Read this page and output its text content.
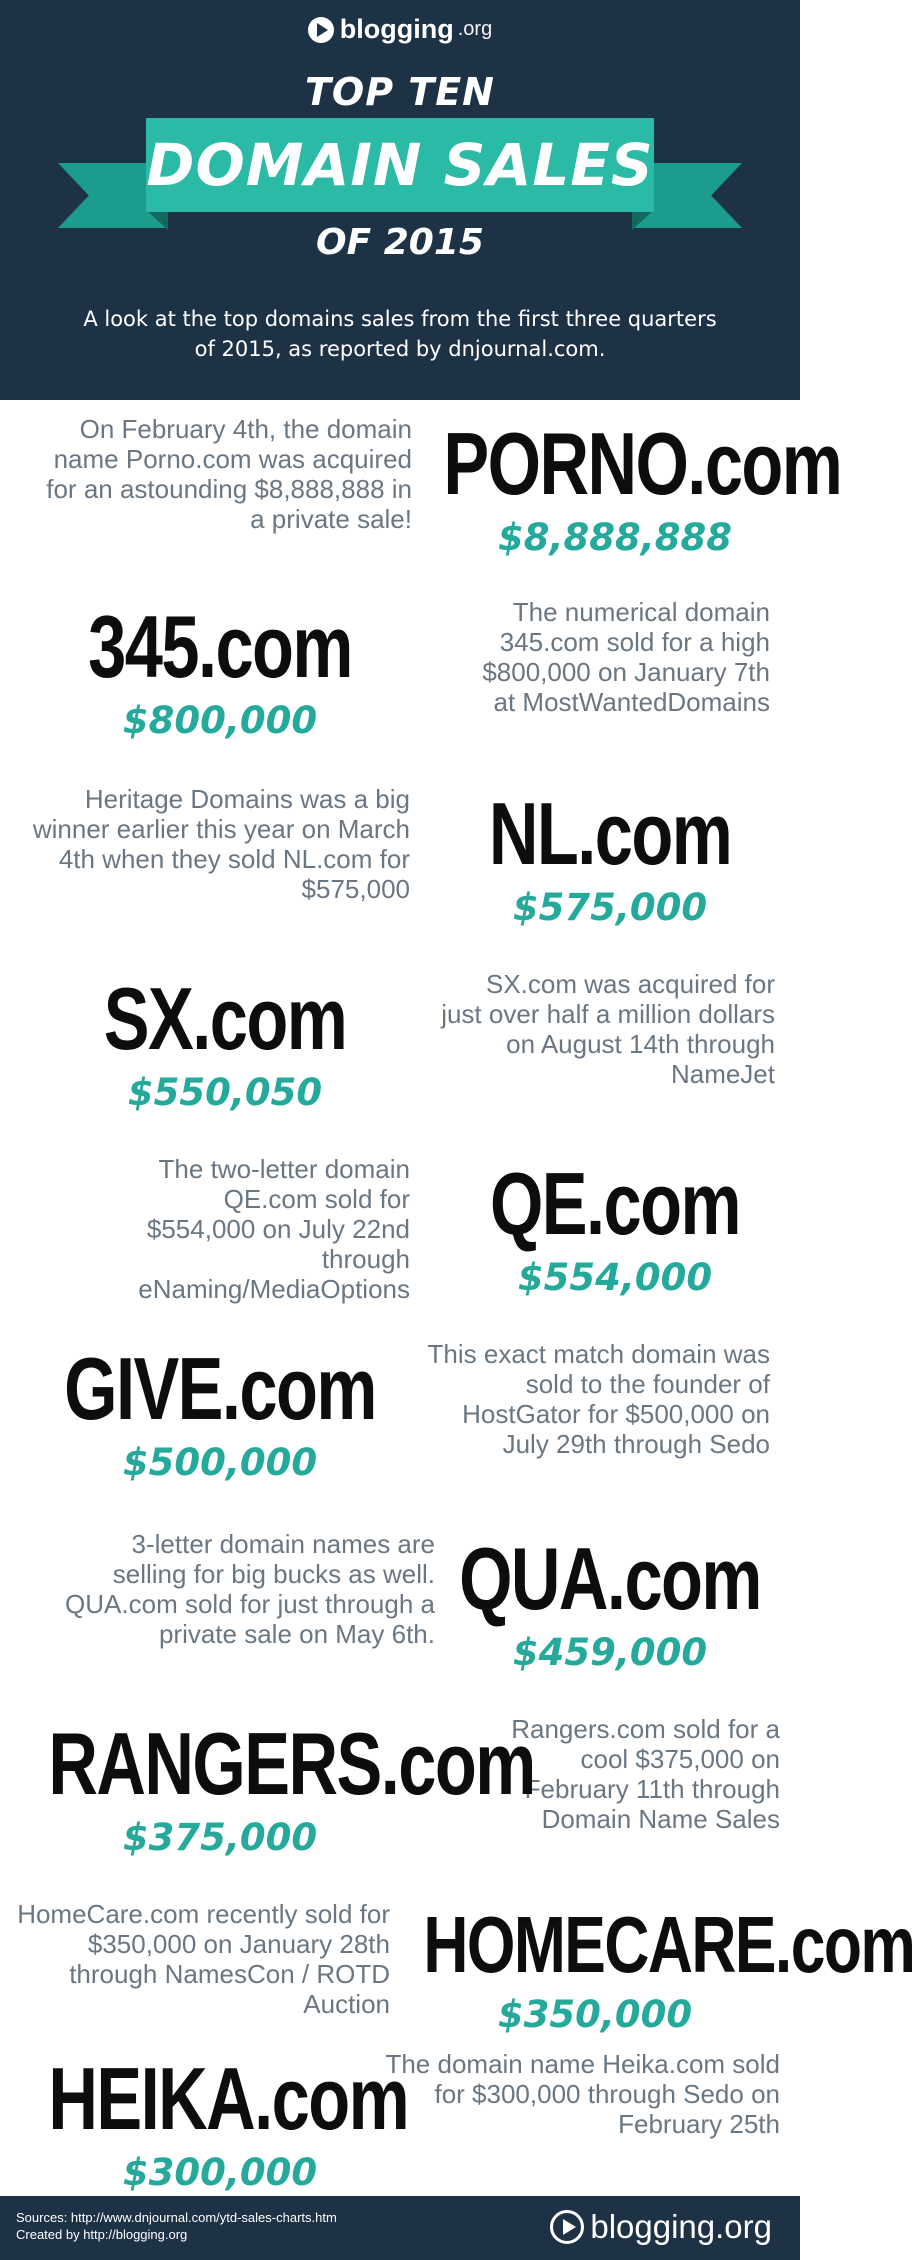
blogging .org
TOP TEN
DOMAIN SALES
OF 2015
A look at the top domains sales from the first three quarters of 2015, as reported by dnjournal.com.
On February 4th, the domain name Porno.com was acquired for an astounding $8,888,888 in a private sale!
PORNO.com
$8,888,888
The numerical domain 345.com sold for a high $800,000 on January 7th at MostWantedDomains
345.com
$800,000
Heritage Domains was a big winner earlier this year on March 4th when they sold NL.com for $575,000
NL.com
$575,000
SX.com was acquired for just over half a million dollars on August 14th through NameJet
SX.com
$550,050
The two-letter domain QE.com sold for $554,000 on July 22nd through eNaming/MediaOptions
QE.com
$554,000
This exact match domain was sold to the founder of HostGator for $500,000 on July 29th through Sedo
GIVE.com
$500,000
3-letter domain names are selling for big bucks as well. QUA.com sold for just through a private sale on May 6th.
QUA.com
$459,000
Rangers.com sold for a cool $375,000 on February 11th through Domain Name Sales
RANGERS.com
$375,000
HomeCare.com recently sold for $350,000 on January 28th through NamesCon / ROTD Auction
HOMECARE.com
$350,000
The domain name Heika.com sold for $300,000 through Sedo on February 25th
HEIKA.com
$300,000
Sources: http://www.dnjournal.com/ytd-sales-charts.htm
Created by http://blogging.org	blogging.org
